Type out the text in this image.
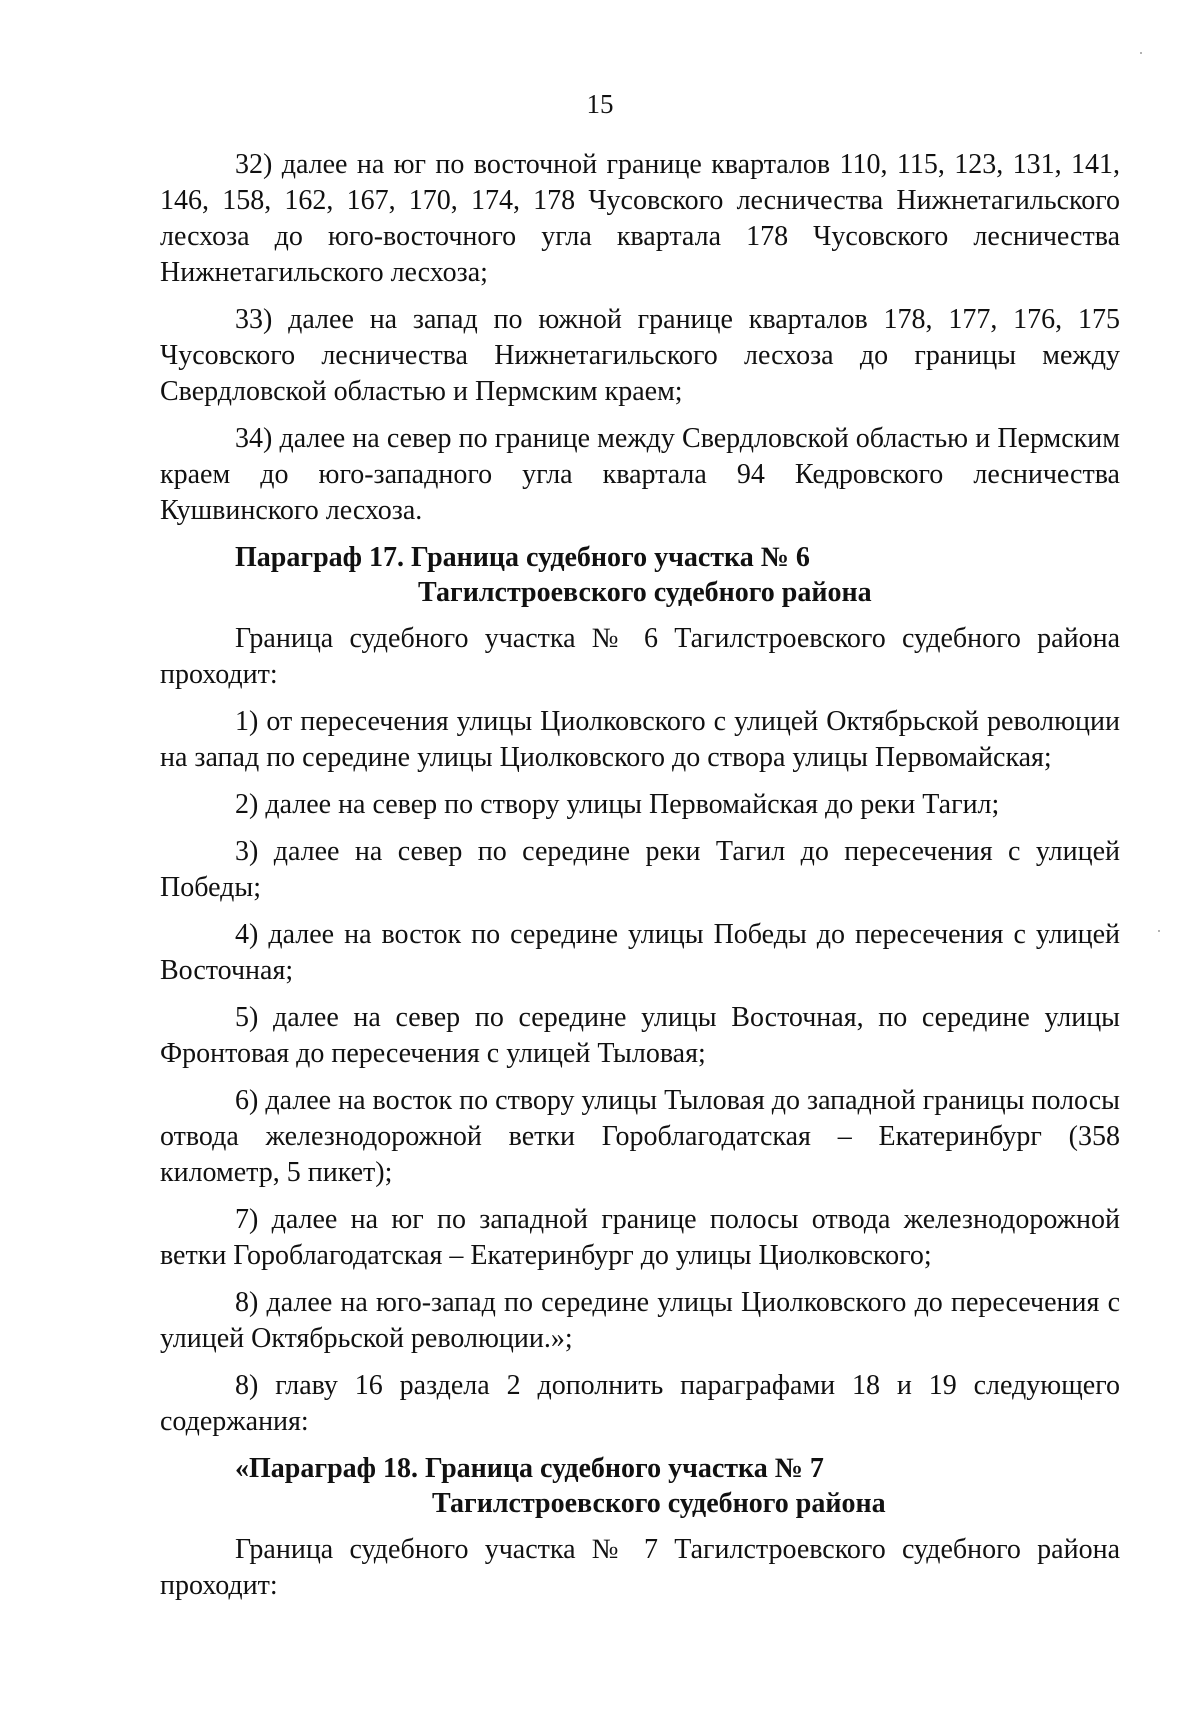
15

32) далее на юг по восточной границе кварталов 110, 115, 123, 131, 141, 146, 158, 162, 167, 170, 174, 178 Чусовского лесничества Нижнетагильского лесхоза до юго-восточного угла квартала 178 Чусовского лесничества Нижнетагильского лесхоза;

33) далее на запад по южной границе кварталов 178, 177, 176, 175 Чусовского лесничества Нижнетагильского лесхоза до границы между Свердловской областью и Пермским краем;

34) далее на север по границе между Свердловской областью и Пермским краем до юго-западного угла квартала 94 Кедровского лесничества Кушвинского лесхоза.

Параграф 17. Граница судебного участка № 6
Тагилстроевского судебного района

Граница судебного участка № 6 Тагилстроевского судебного района проходит:

1) от пересечения улицы Циолковского с улицей Октябрьской революции на запад по середине улицы Циолковского до створа улицы Первомайская;

2) далее на север по створу улицы Первомайская до реки Тагил;

3) далее на север по середине реки Тагил до пересечения с улицей Победы;

4) далее на восток по середине улицы Победы до пересечения с улицей Восточная;

5) далее на север по середине улицы Восточная, по середине улицы Фронтовая до пересечения с улицей Тыловая;

6) далее на восток по створу улицы Тыловая до западной границы полосы отвода железнодорожной ветки Гороблагодатская – Екатеринбург (358 километр, 5 пикет);

7) далее на юг по западной границе полосы отвода железнодорожной ветки Гороблагодатская – Екатеринбург до улицы Циолковского;

8) далее на юго-запад по середине улицы Циолковского до пересечения с улицей Октябрьской революции.»;

8) главу 16 раздела 2 дополнить параграфами 18 и 19 следующего содержания:

«Параграф 18. Граница судебного участка № 7
Тагилстроевского судебного района

Граница судебного участка № 7 Тагилстроевского судебного района проходит:
